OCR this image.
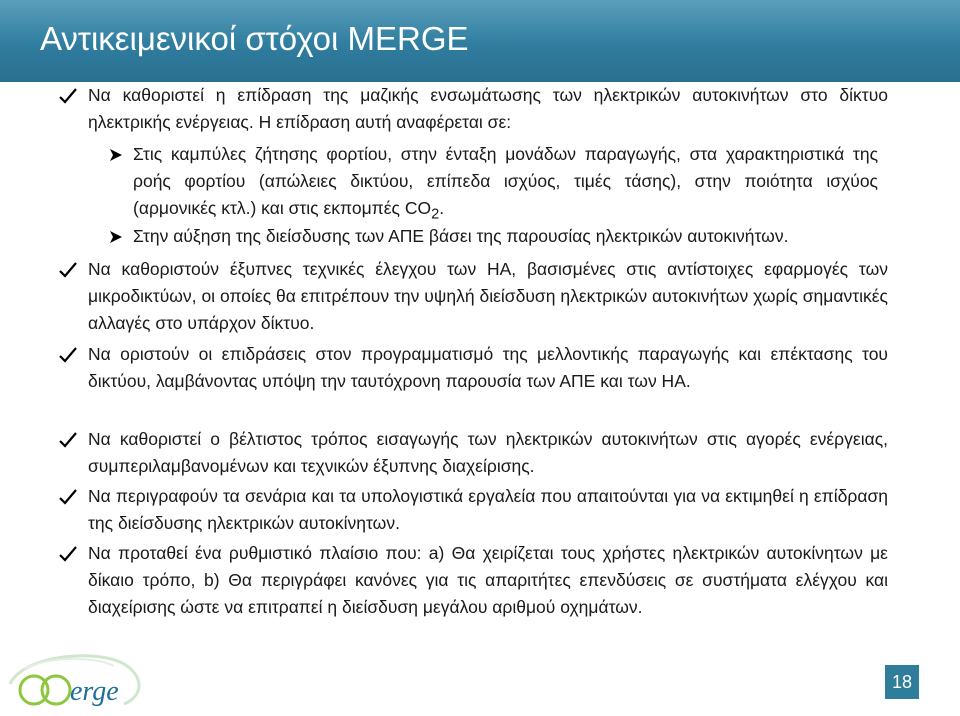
Αντικειμενικοί στόχοι MERGE
Να καθοριστεί η επίδραση της μαζικής ενσωμάτωσης των ηλεκτρικών αυτοκινήτων στο δίκτυο ηλεκτρικής ενέργειας. Η επίδραση αυτή αναφέρεται σε:
Στις καμπύλες ζήτησης φορτίου, στην ένταξη μονάδων παραγωγής, στα χαρακτηριστικά της ροής φορτίου (απώλειες δικτύου, επίπεδα ισχύος, τιμές τάσης), στην ποιότητα ισχύος (αρμονικές κτλ.) και στις εκπομπές $CO_2$.
Στην αύξηση της διείσδυσης των ΑΠΕ βάσει της παρουσίας ηλεκτρικών αυτοκινήτων.
Να καθοριστούν έξυπνες τεχνικές έλεγχου των ΗΑ, βασισμένες στις αντίστοιχες εφαρμογές των μικροδικτύων, οι οποίες θα επιτρέπουν την υψηλή διείσδυση ηλεκτρικών αυτοκινήτων χωρίς σημαντικές αλλαγές στο υπάρχον δίκτυο.
Να οριστούν οι επιδράσεις στον προγραμματισμό της μελλοντικής παραγωγής και επέκτασης του δικτύου, λαμβάνοντας υπόψη την ταυτόχρονη παρουσία των ΑΠΕ και των ΗΑ.
Να καθοριστεί ο βέλτιστος τρόπος εισαγωγής των ηλεκτρικών αυτοκινήτων στις αγορές ενέργειας, συμπεριλαμβανομένων και τεχνικών έξυπνης διαχείρισης.
Να περιγραφούν τα σενάρια και τα υπολογιστικά εργαλεία που απαιτούνται για να εκτιμηθεί η επίδραση της διείσδυσης ηλεκτρικών αυτοκίνητων.
Να προταθεί ένα ρυθμιστικό πλαίσιο που: a) Θα χειρίζεται τους χρήστες ηλεκτρικών αυτοκίνητων με δίκαιο τρόπο, b) Θα περιγράφει κανόνες για τις απαριτήτες επενδύσεις σε συστήματα ελέγχου και διαχείρισης ώστε να επιτραπεί η διείσδυση μεγάλου αριθμού οχημάτων.
erge	18
